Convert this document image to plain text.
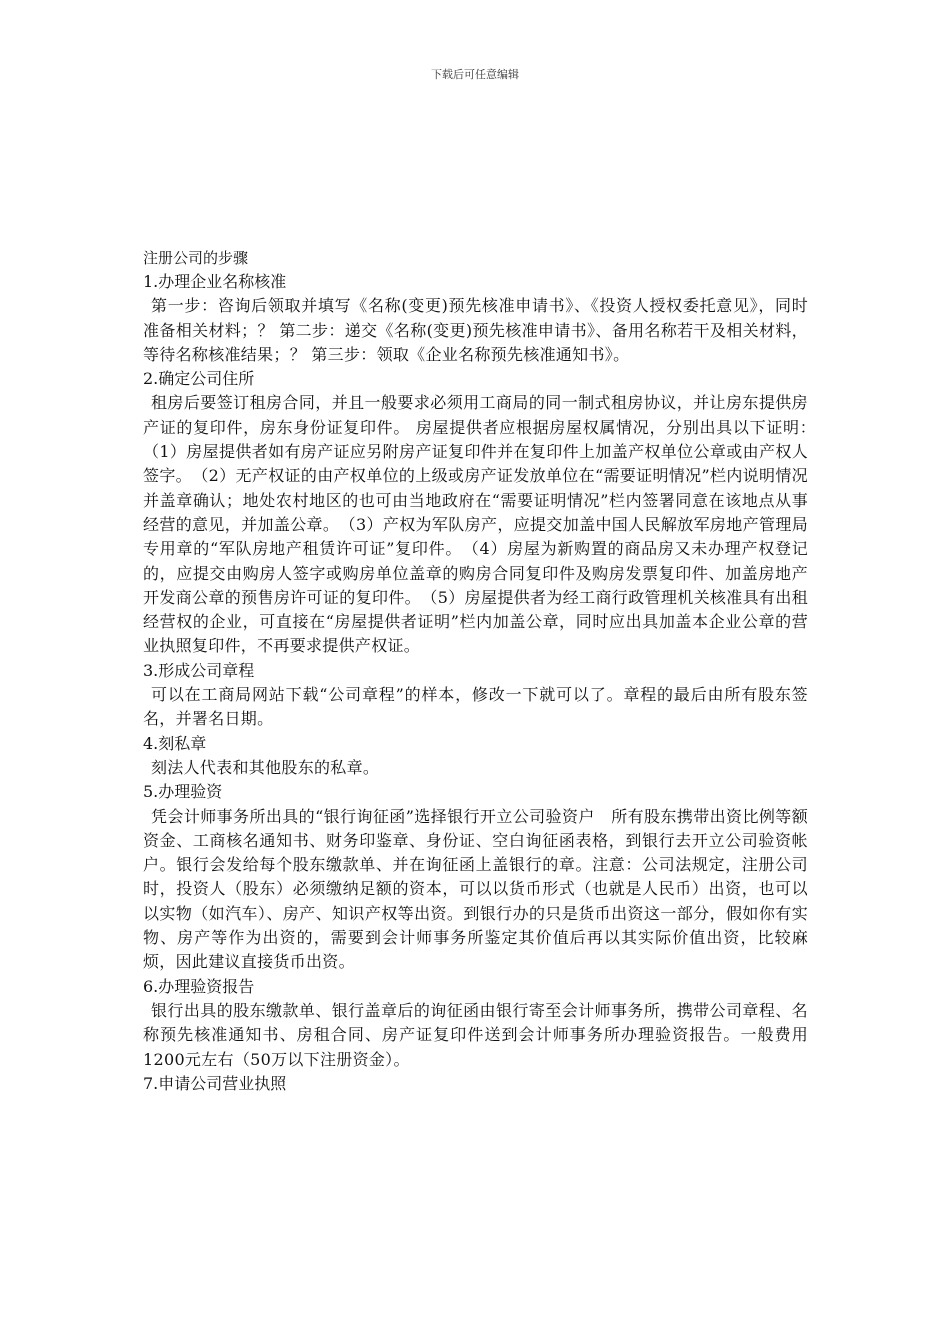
下载后可任意编辑

注册公司的步骤

1.办理企业名称核准

第一步：咨询后领取并填写《名称(变更)预先核准申请书》、《投资人授权委托意见》，同时准备相关材料；？ 第二步：递交《名称(变更)预先核准申请书》、备用名称若干及相关材料，等待名称核准结果；？ 第三步：领取《企业名称预先核准通知书》。

2.确定公司住所

租房后要签订租房合同，并且一般要求必须用工商局的同一制式租房协议，并让房东提供房产证的复印件，房东身份证复印件。 房屋提供者应根据房屋权属情况，分别出具以下证明：　（1）房屋提供者如有房产证应另附房产证复印件并在复印件上加盖产权单位公章或由产权人签字。　（2）无产权证的由产权单位的上级或房产证发放单位在“需要证明情况”栏内说明情况并盖章确认；地处农村地区的也可由当地政府在“需要证明情况”栏内签署同意在该地点从事经营的意见，并加盖公章。　（3）产权为军队房产，应提交加盖中国人民解放军房地产管理局专用章的“军队房地产租赁许可证”复印件。　（4）房屋为新购置的商品房又未办理产权登记的，应提交由购房人签字或购房单位盖章的购房合同复印件及购房发票复印件、加盖房地产开发商公章的预售房许可证的复印件。　（5）房屋提供者为经工商行政管理机关核准具有出租经营权的企业，可直接在“房屋提供者证明”栏内加盖公章，同时应出具加盖本企业公章的营业执照复印件，不再要求提供产权证。

3.形成公司章程

可以在工商局网站下载“公司章程”的样本，修改一下就可以了。章程的最后由所有股东签名，并署名日期。

4.刻私章

刻法人代表和其他股东的私章。

5.办理验资

凭会计师事务所出具的“银行询征函”选择银行开立公司验资户　所有股东携带出资比例等额资金、工商核名通知书、财务印鉴章、身份证、空白询征函表格，到银行去开立公司验资帐户。银行会发给每个股东缴款单、并在询征函上盖银行的章。注意：公司法规定，注册公司时，投资人（股东）必须缴纳足额的资本，可以以货币形式（也就是人民币）出资，也可以以实物（如汽车）、房产、知识产权等出资。到银行办的只是货币出资这一部分，假如你有实物、房产等作为出资的，需要到会计师事务所鉴定其价值后再以其实际价值出资，比较麻烦，因此建议直接货币出资。

6.办理验资报告

银行出具的股东缴款单、银行盖章后的询征函由银行寄至会计师事务所，携带公司章程、名称预先核准通知书、房租合同、房产证复印件送到会计师事务所办理验资报告。一般费用1200元左右（50万以下注册资金）。

7.申请公司营业执照
